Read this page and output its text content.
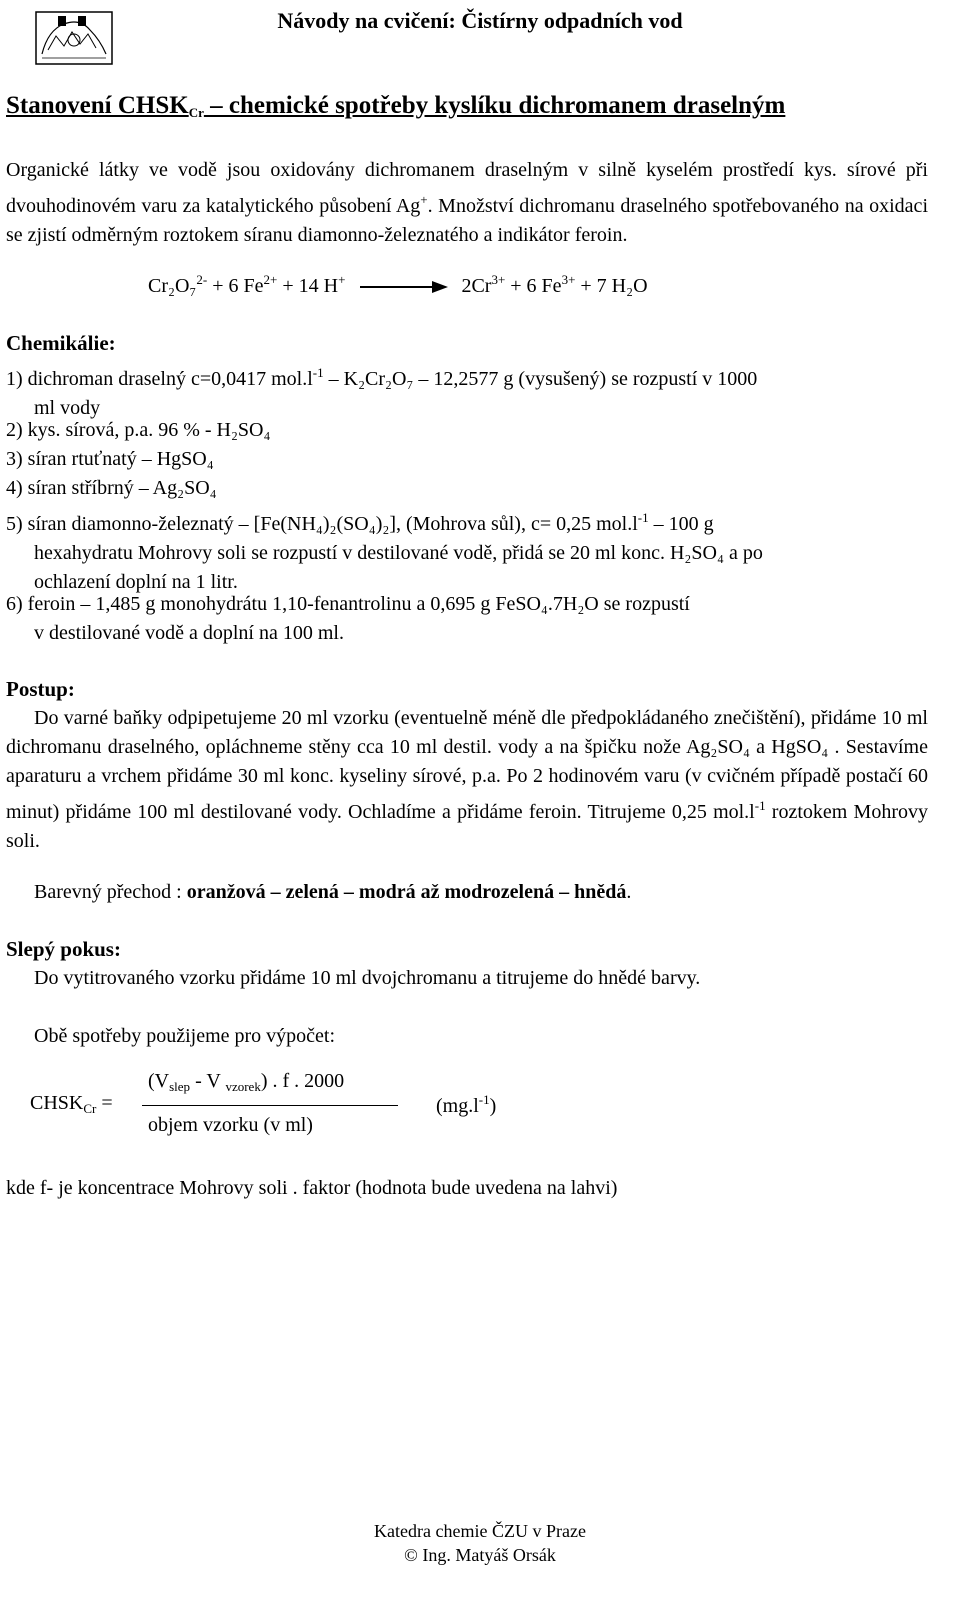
Návody na cvičení: Čistírny odpadních vod
Stanovení $CHSK_{Cr}$ – chemické spotřeby kyslíku dichromanem draselným
Organické látky ve vodě jsou oxidovány dichromanem draselným v silně kyselém prostředí kys. sírové při dvouhodinovém varu za katalytického působení Ag+. Množství dichromanu draselného spotřebovaného na oxidaci se zjistí odměrným roztokem síranu diamonno-železnatého a indikátor feroin.
Cr₂O₇$^{2-}$ + 6 $Fe^{2+} + 14$ H+	$2Cr^{3+} + 6$ $Fe^{3+} + 7$ H₂O
Chemikálie:
1) dichroman draselný c=0,0417 $mol.l^{-1} - K_2Cr_2O_7 - 12,2577$ g (vysušený) se rozpustí v 1000
ml vody
2) kys. sírová, p.a. 96 % - H₂SO₄
3) síran rtuťnatý – HgSO₄
4) síran stříbrný – Ag₂SO₄
5) síran diamonno-železnatý – [Fe(NH₄)₂(SO₄)₂], (Mohrova sůl), c= 0,25 $mol.l^{-1} - 100$ g
hexahydratu Mohrovy soli se rozpustí v destilované vodě, přidá se 20 ml konc. H₂SO₄ a po
ochlazení doplní na 1 litr.
6) feroin – 1,485 g monohydrátu 1,10-fenantrolinu a 0,695 g FeSO₄.7H₂O se rozpustí
v destilované vodě a doplní na 100 ml.
Postup:
Do varné baňky odpipetujeme 20 ml vzorku (eventuelně méně dle předpokládaného znečištění), přidáme 10 ml dichromanu draselného, opláchneme stěny cca 10 ml destil. vody a na špičku nože Ag₂SO₄ a HgSO₄ . Sestavíme aparaturu a vrchem přidáme 30 ml konc. kyseliny sírové, p.a. Po 2 hodinovém varu (v cvičném případě postačí 60 minut) přidáme 100 ml destilované vody. Ochladíme a přidáme feroin. Titrujeme 0,25 $mol.l^{-1}$ roztokem Mohrovy soli.
Barevný přechod : oranžová – zelená – modrá až modrozelená – hnědá.
Slepý pokus:
Do vytitrovaného vzorku přidáme 10 ml dvojchromanu a titrujeme do hnědé barvy.
Obě spotřeby použijeme pro výpočet:
$CHSK_{Cr}$ =
($V_{slep}$ - V $_{vzorek}$) . f . 2000
objem vzorku (v ml)
$(mg.l^{-1})$
kde f- je koncentrace Mohrovy soli . faktor (hodnota bude uvedena na lahvi)
Katedra chemie ČZU v Praze
© Ing. Matyáš Orsák
